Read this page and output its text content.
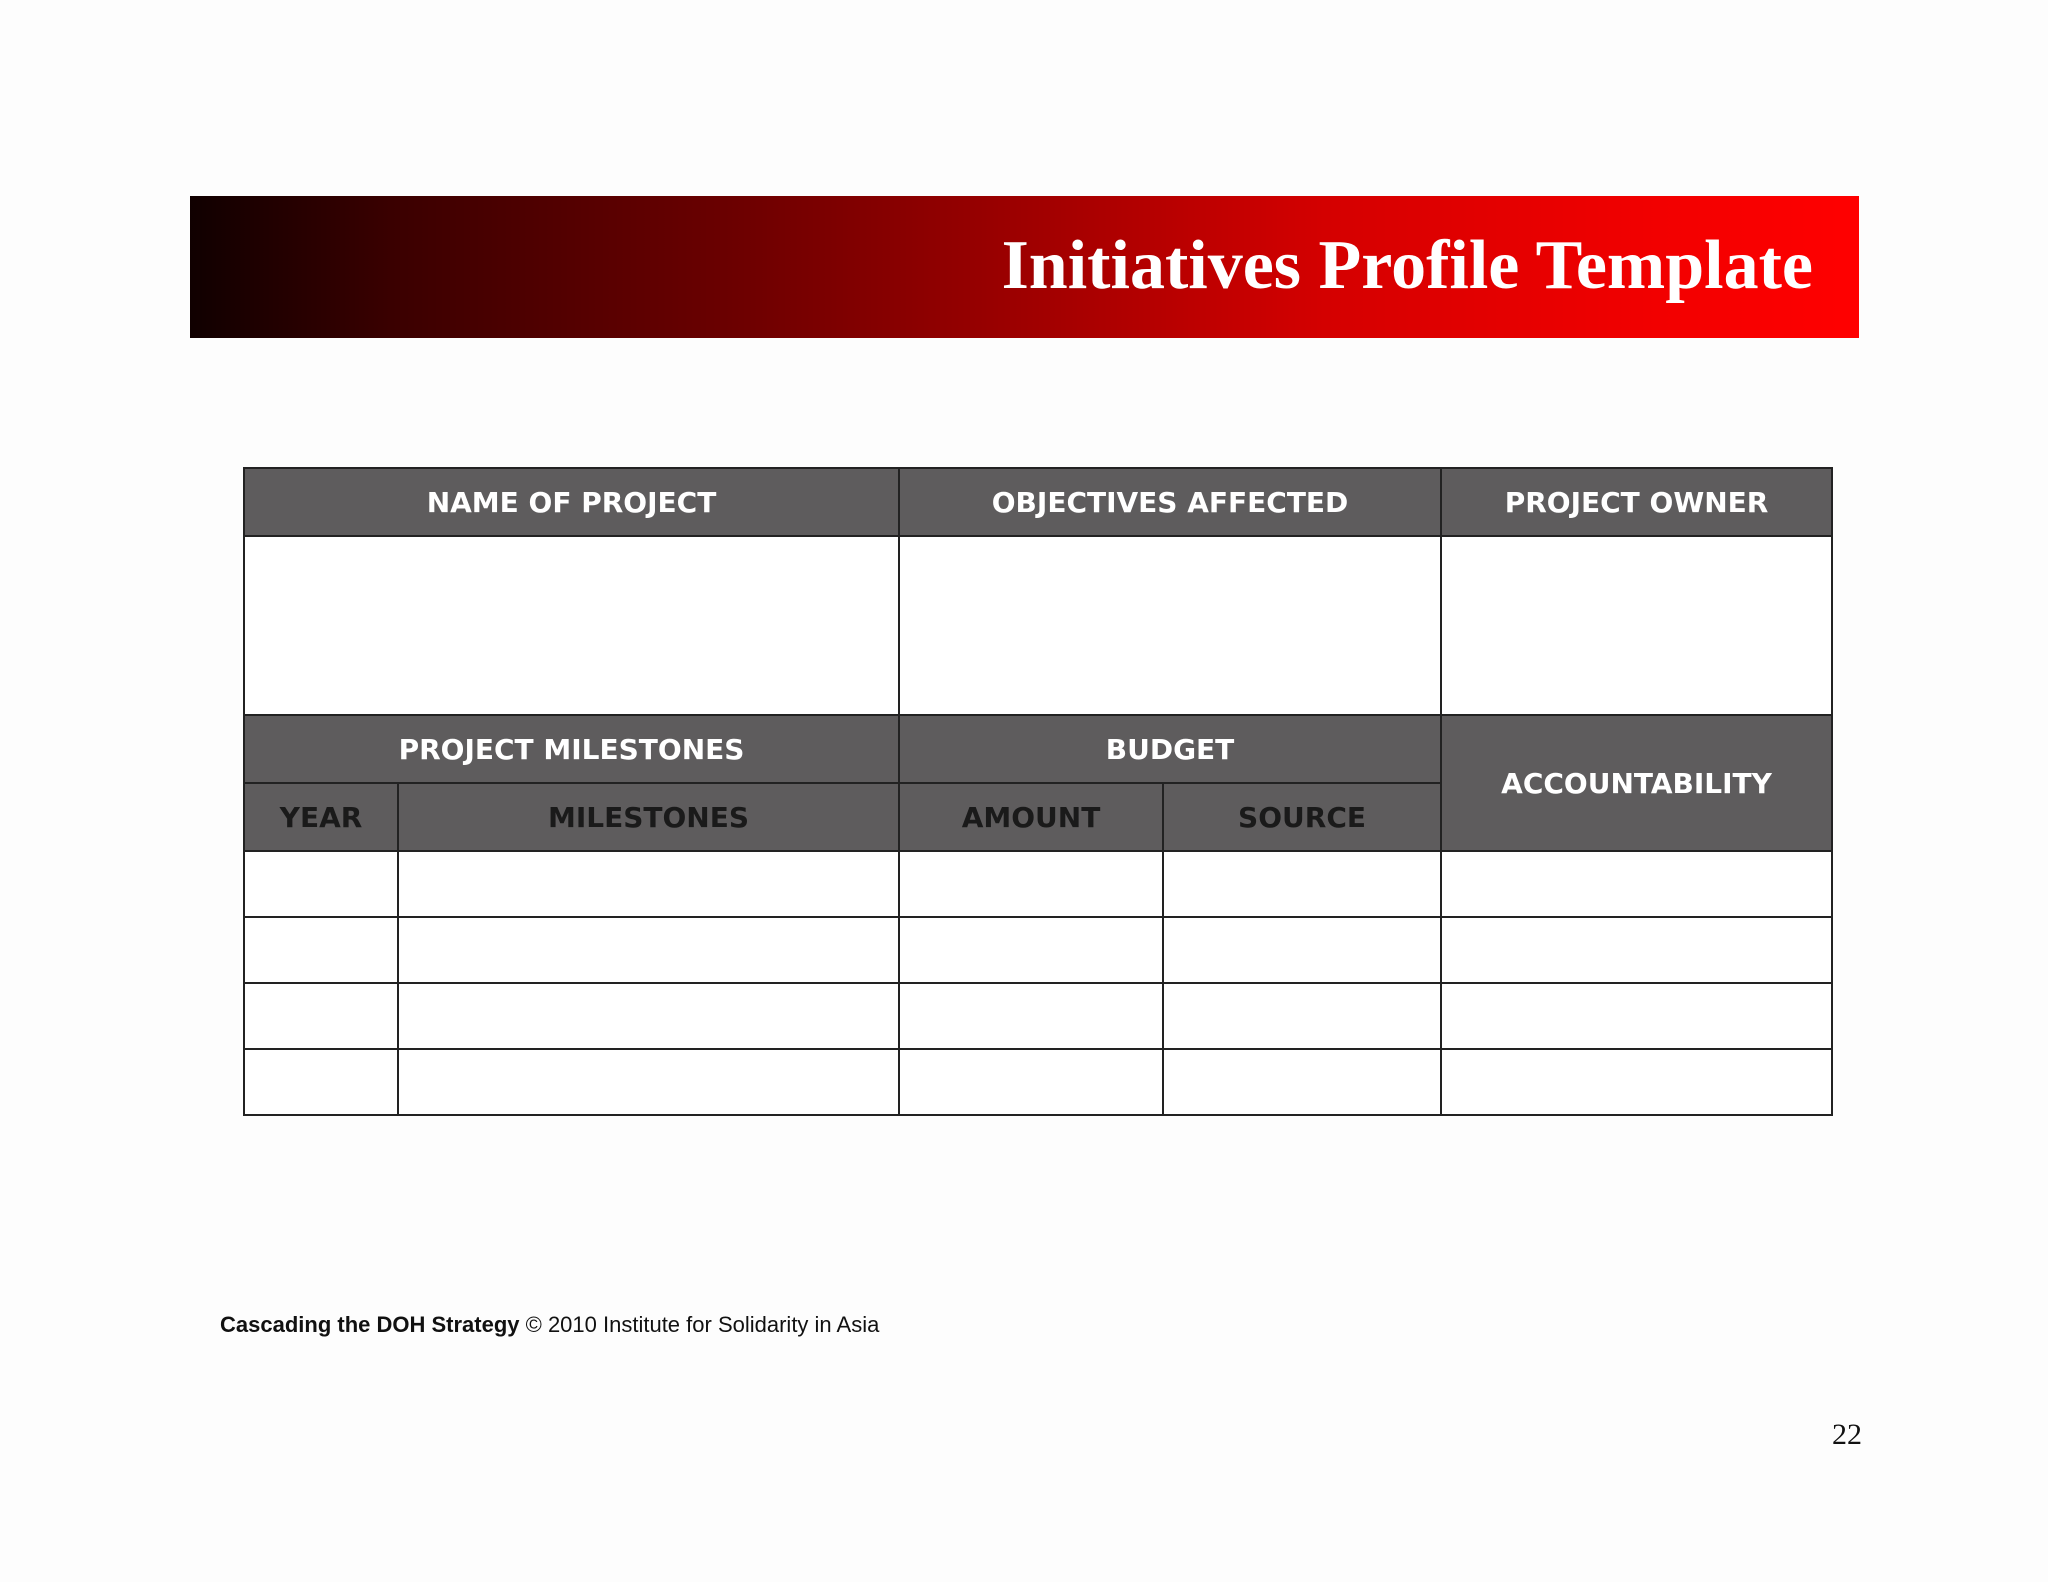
Initiatives Profile Template
NAME OF PROJECT		OBJECTIVES AFFECTED		PROJECT OWNER

PROJECT MILESTONES		BUDGET		ACCOUNTABILITY
YEAR	MILESTONES	AMOUNT	SOURCE	

Cascading the DOH Strategy © 2010 Institute for Solidarity in Asia
22
